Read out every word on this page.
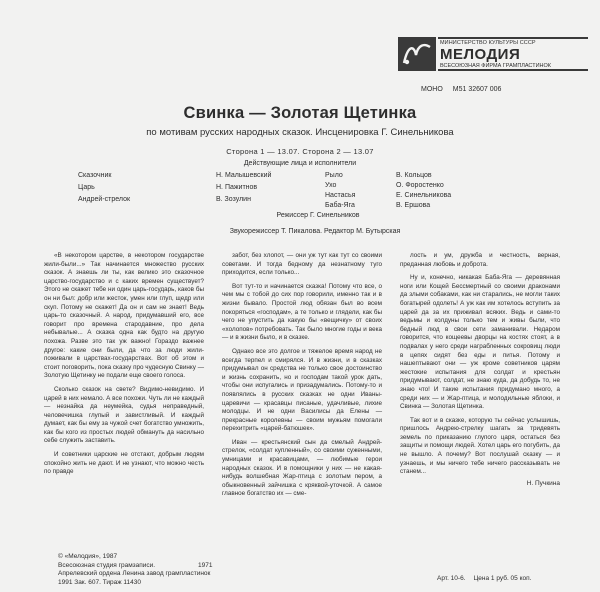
МИНИСТЕРСТВО КУЛЬТУРЫ СССР
МЕЛОДИЯ
ВСЕСОЮЗНАЯ ФИРМА ГРАМПЛАСТИНОК
МОНО М51 32607 006
Свинка — Золотая Щетинка
по мотивам русских народных сказок. Инсценировка Г. Синельникова
Сторона 1 — 13.07. Сторона 2 — 13.07
Действующие лица и исполнители
Сказочник	Н. Малышевский
Царь	Н. Пажитнов
Андрей-стрелок	В. Зозулин
Рыло	В. Кольцов
Ухо	О. Форостенко
Настасья	Е. Синельникова
Баба-Яга	В. Ершова
Режиссер Г. Синельников
Звукорежиссер Т. Пикалова. Редактор М. Бутырская

«В некотором царстве, в некотором государстве жили-были...» Так начинается множество русских сказок. А знаешь ли ты, как велико это сказочное царство-государство и с каких времен существует? Этого не скажет тебе ни один царь-государь, каков бы он ни был: добр или жесток, умен или глуп, щедр или скуп. Потому не скажет! Да он и сам не знает! Ведь царь-то сказочный. А народ, придумавший его, все говорит про времена стародавние, про дела небывалые... А сказка одна как будто на другую похожа. Разве это так уж важно! Гораздо важнее другое: какие они были, да что за люди жили-поживали в царствах-государствах. Вот об этом и стоит поговорить, пока сказку про чудесную Свинку — Золотую Щетинку не подали еще своего голоса.

Сколько сказок на свете? Видимо-невидимо. И царей в них немало. А все похожи. Чуть ли не каждый — незнайка да неумейка, судья неправедный, человечишка глупый и завистливый. И каждый думает, как бы ему за чужой счет богатство умножить, как бы кого из простых людей обмануть да насильно себе служить заставить.

И советники царские не отстают, добрым людям спокойно жить не дают. И не узнают, что можно честь по правде

забот, без хлопот, — они уж тут как тут со своими советами. И тогда бедному да незнатному туго приходится, если только...

Вот тут-то и начинается сказка! Потому что все, о чем мы с тобой до сих пор говорили, именно так и в жизни бывало. Простой люд обязан был во всем покоряться «господам», а те только и глядели, как бы чего не упустить да какую бы «вещичку» от своих «холопов» потребовать. Так было многие годы и века — и в жизни было, и в сказке.

Однако все это долгое и тяжелое время народ не всегда терпел и смирялся. И в жизни, и в сказках придумывал он средства не только свое достоинство и жизнь сохранить, но и господам такой урок дать, чтобы они испугались и призадумались. Потому-то и появлялись в русских сказках не одни Иваны-царевичи — красавцы писаные, удачливые, лихие молодцы. И не одни Василисы да Елены — прекрасные королевны — своим мужьям помогали перехитрить «царей-батюшек».

Иван — крестьянский сын да смелый Андрей-стрелок, «солдат купленный», со своими суженными, умницами и красавицами, — любимые герои народных сказок. И в помощники у них — не какая-нибудь волшебная Жар-птица с золотым пером, а обыкновенный зайчишка с кряквой-уточкой. А самое главное богатство их — сме-

лость и ум, дружба и честность, верная, преданная любовь и доброта.

Ну и, конечно, никакая Баба-Яга — деревянная ноги или Кощей Бессмертный со своими драконами да злыми собаками, как ни старались, не могли таких богатырей одолеть! А уж как им хотелось вступить за царей да за их приживал всяких. Ведь и сами-то ведьмы и колдуны только тем и живы были, что бедный люд в свои сети заманивали. Недаром говорится, что кощеевы дворцы на костях стоят, а в подвалах у него среди награбленных сокровищ люди в цепях сидят без еды и питья. Потому и нашептывают они — уж кроме советников царям жестокие испытания для солдат и крестьян придумывают, солдат, не знаю куда, да добудь то, не знаю что! И такие испытания придумано много, а среди них — и Жар-птица, и молодильные яблоки, и Свинка — Золотая Щетинка.

Так вот и в сказке, которую ты сейчас услышишь, пришлось Андрею-стрелку шагать за тридевять земель по приказанию глупого царя, остаться без защиты и помощи людей. Хотел царь его погубить, да не вышло. А почему? Вот послушай сказку — и узнаешь, и мы ничего тебе ничего рассказывать не станем...

Н. Пучкина
© «Мелодия», 1987
Всесоюзная студия грамзаписи.	1971
Апрелевский ордена Ленина завод грампластинок
1991 Зак. 607. Тираж 11430	Арт. 10-6. Цена 1 руб. 05 коп.
